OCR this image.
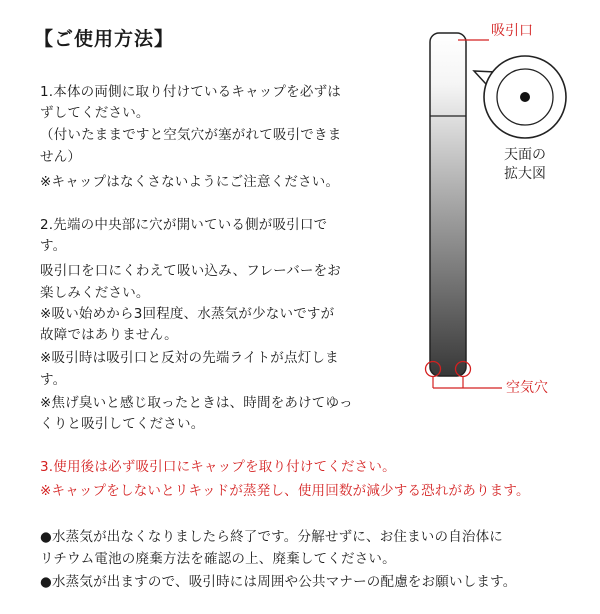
【ご使用方法】
1.本体の両側に取り付けているキャップを必ずは
ずしてください。
（付いたままですと空気穴が塞がれて吸引できま
せん）
※キャップはなくさないようにご注意ください。
2.先端の中央部に穴が開いている側が吸引口で
す。
吸引口を口にくわえて吸い込み、フレーバーをお
楽しみください。
※吸い始めから3回程度、水蒸気が少ないですが
故障ではありません。
※吸引時は吸引口と反対の先端ライトが点灯しま
す。
※焦げ臭いと感じ取ったときは、時間をあけてゆっ
くりと吸引してください。
3.使用後は必ず吸引口にキャップを取り付けてください。
※キャップをしないとリキッドが蒸発し、使用回数が減少する恐れがあります。
●水蒸気が出なくなりましたら終了です。分解せずに、お住まいの自治体に
リチウム電池の廃棄方法を確認の上、廃棄してください。
●水蒸気が出ますので、吸引時には周囲や公共マナーの配慮をお願いします。
吸引口
天面の
拡大図
空気穴
